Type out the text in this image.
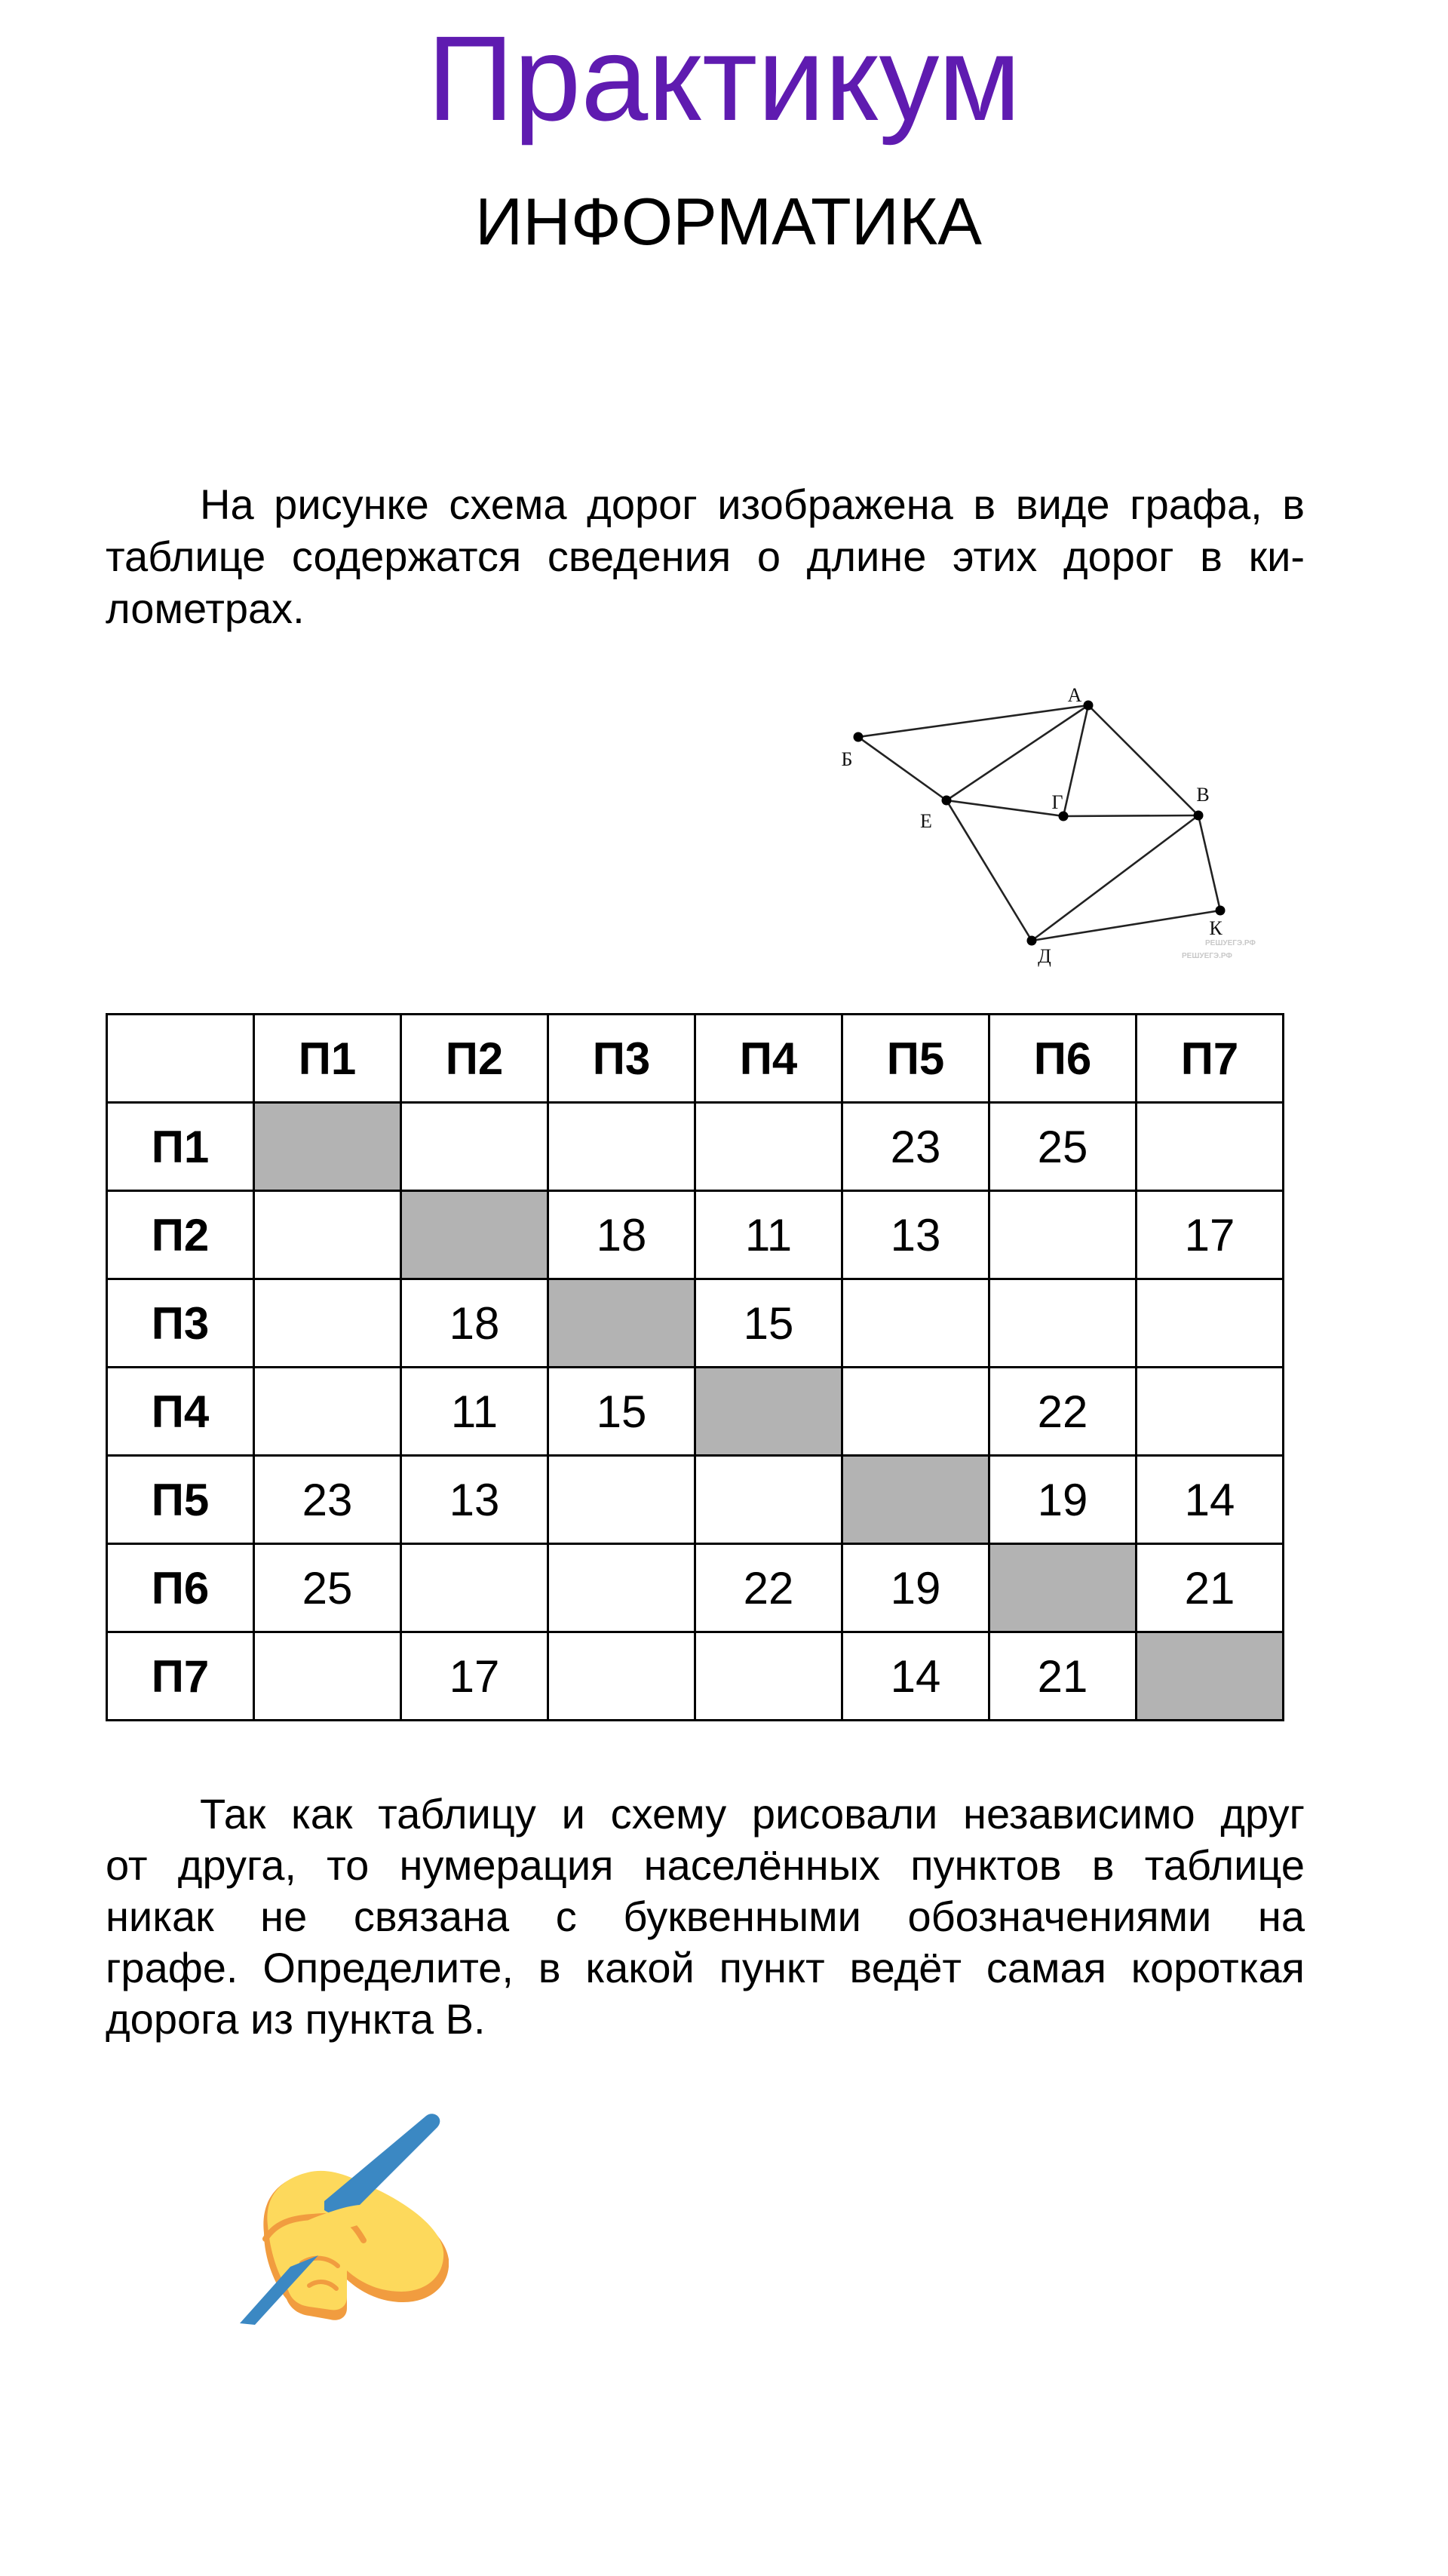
Практикум
ИНФОРМАТИКА
На рисунке схема дорог изображена в виде графа, в
таблице содержатся сведения о длине этих дорог в ки-
лометрах.
А
Б
В
Г
Д
Е
К
РЕШУЕГЭ.РФ
РЕШУЕГЭ.РФ
	П1	П2	П3	П4	П5	П6	П7
П1					23	25	
П2			18	11	13		17
П3		18		15			
П4		11	15			22	
П5	23	13				19	14
П6	25			22	19		21
П7		17			14	21	
Так как таблицу и схему рисовали независимо друг
от друга, то нумерация населённых пунктов в таблице
никак не связана с буквенными обозначениями на
графе. Определите, в какой пункт ведёт самая короткая
дорога из пункта В.
